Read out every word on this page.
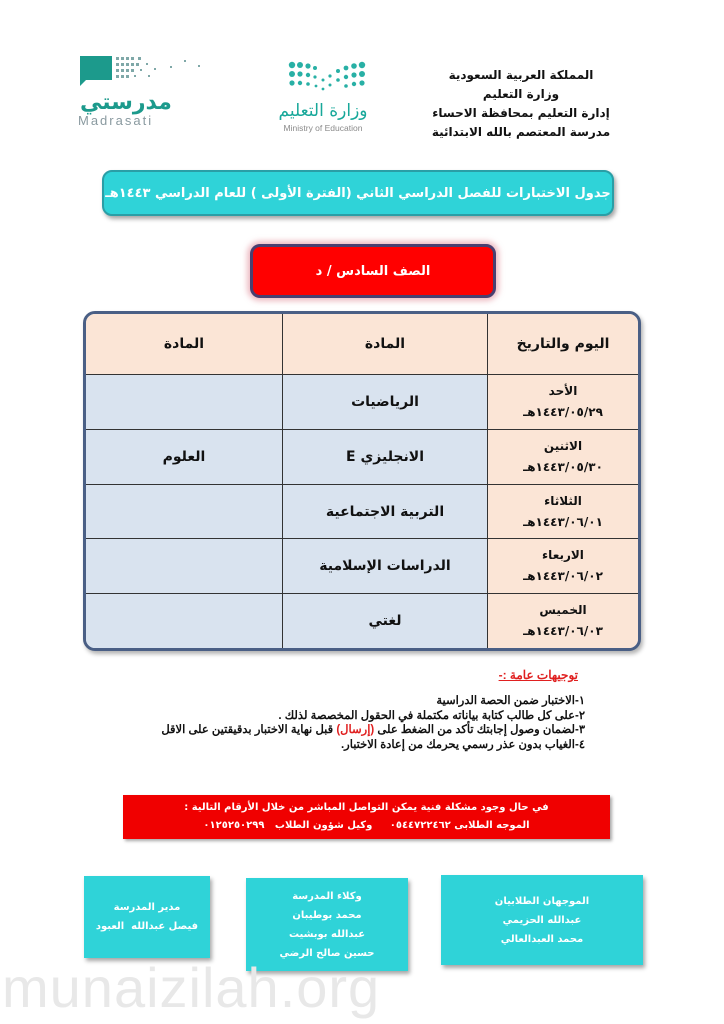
المملكة العربية السعودية
وزارة التعليم
إدارة التعليم بمحافظة الاحساء
مدرسة المعتصم بالله الابتدائية
وزارة التعليم
Ministry of Education
مدرستي
Madrasati
جدول الاختبارات للفصل الدراسي الثاني (الفترة الأولى ) للعام الدراسي ١٤٤٣هـ
الصف السادس / د
اليوم والتاريخ	المادة	المادة

الأحد
١٤٤٣/٠٥/٢٩هـ	الرياضيات	

الاثنين
١٤٤٣/٠٥/٣٠هـ	الانجليزي E	العلوم

الثلاثاء
١٤٤٣/٠٦/٠١هـ	التربية الاجتماعية	

الاربعاء
١٤٤٣/٠٦/٠٢هـ	الدراسات الإسلامية	

الخميس
١٤٤٣/٠٦/٠٣هـ	لغتي	
توجيهات عامة :-
١-الاختبار ضمن الحصة الدراسية
٢-على كل طالب كتابة بياناته مكتملة في الحقول المخصصة لذلك .
٣-لضمان وصول إجابتك تأكد من الضغط على (إرسال) قبل نهاية الاختبار بدقيقتين على الاقل
٤-الغياب بدون عذر رسمي يحرمك من إعادة الاختبار.
في حال وجود مشكلة فنية يمكن التواصل المباشر من خلال الأرقام التالية :
الموجه الطلابى ٠٥٤٤٧٢٢٤٦٢     وكيل شؤون الطلاب   ٠١٢٥٢٥٠٢٩٩
الموجهان الطلابيان
عبدالله الحزيمي
محمد العبدالعالي
وكلاء المدرسة
محمد بوطيبان
عبدالله بوبشيت
حسين صالح الرضي
مدير المدرسة
فيصل عبدالله  العبود
munaizilah.org
